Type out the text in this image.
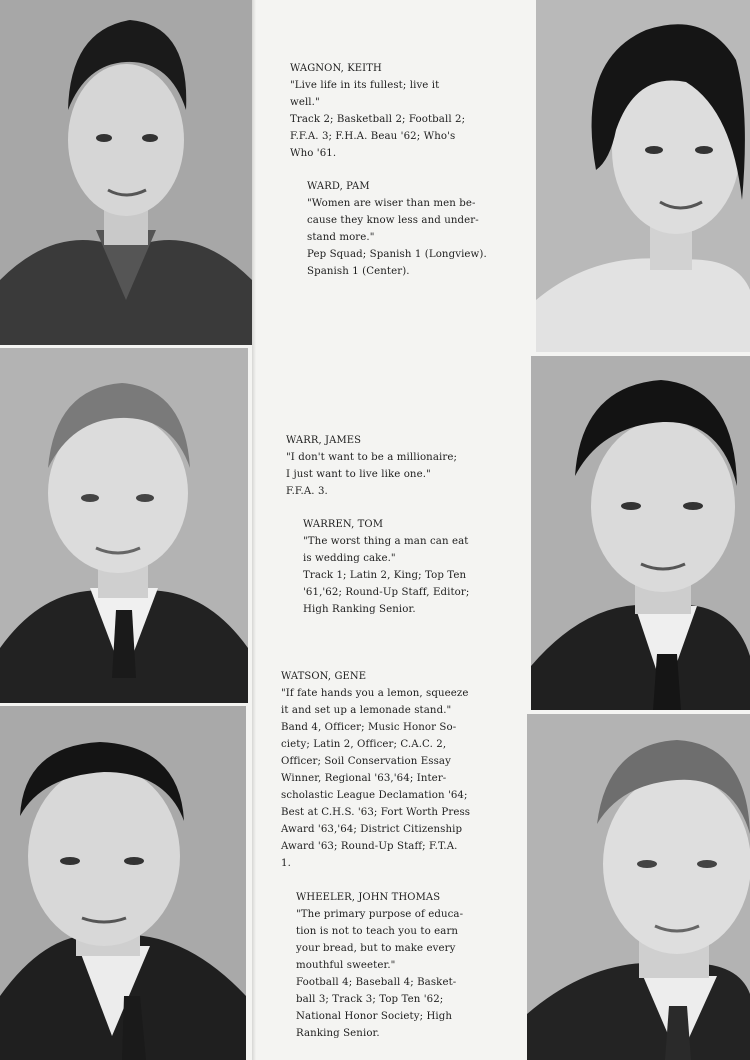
WAGNON, KEITH
"Live life in its fullest; live it
well."
Track 2; Basketball 2; Football 2;
F.F.A. 3; F.H.A. Beau '62; Who's
Who '61.
WARD, PAM
"Women are wiser than men be-
cause they know less and under-
stand more."
Pep Squad; Spanish 1 (Longview).
Spanish 1 (Center).
WARR, JAMES
"I don't want to be a millionaire;
I just want to live like one."
F.F.A. 3.
WARREN, TOM
"The worst thing a man can eat
is wedding cake."
Track 1; Latin 2, King; Top Ten
'61,'62; Round-Up Staff, Editor;
High Ranking Senior.
WATSON, GENE
"If fate hands you a lemon, squeeze
it and set up a lemonade stand."
Band 4, Officer; Music Honor So-
ciety; Latin 2, Officer; C.A.C. 2,
Officer; Soil Conservation Essay
Winner, Regional '63,'64; Inter-
scholastic League Declamation '64;
Best at C.H.S. '63; Fort Worth Press
Award '63,'64; District Citizenship
Award '63; Round-Up Staff; F.T.A.
1.
WHEELER, JOHN THOMAS
"The primary purpose of educa-
tion is not to teach you to earn
your bread, but to make every
mouthful sweeter."
Football 4; Baseball 4; Basket-
ball 3; Track 3; Top Ten '62;
National Honor Society; High
Ranking Senior.
